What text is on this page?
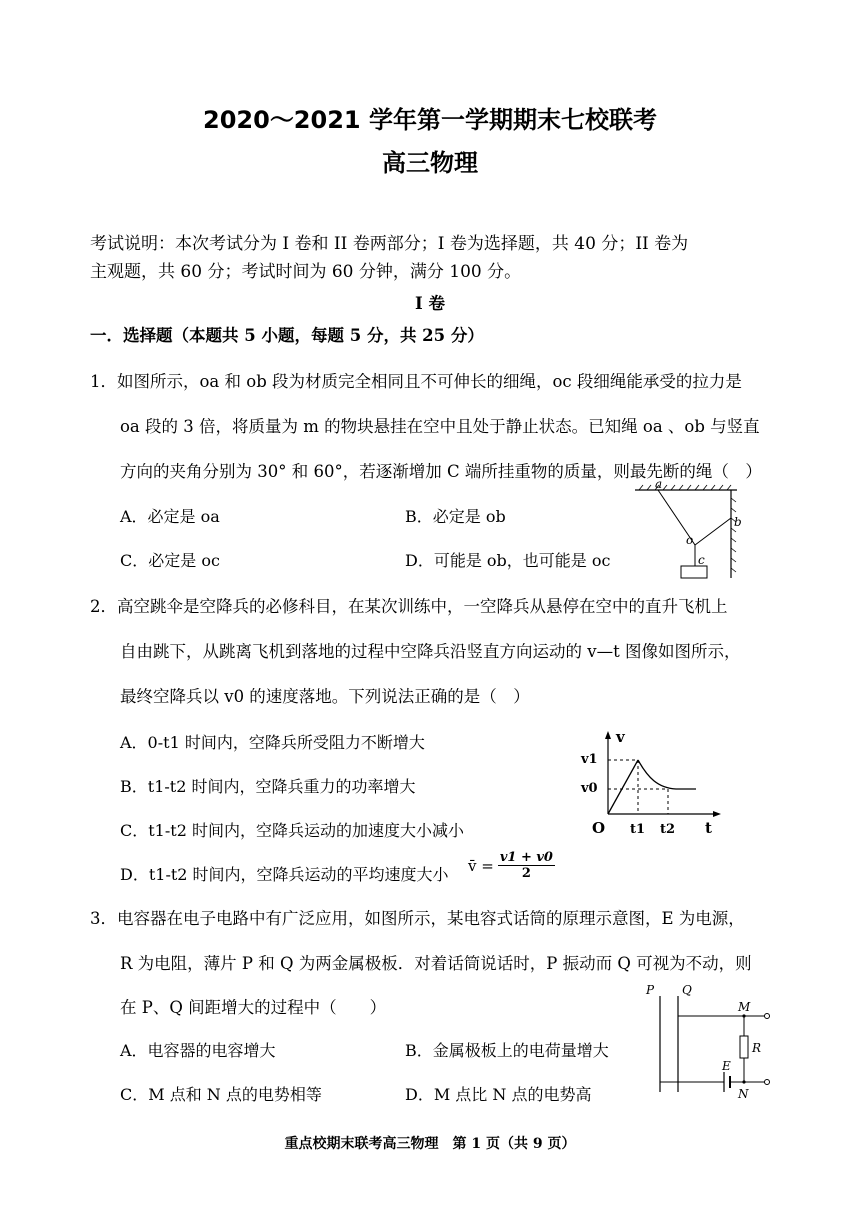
2020～2021 学年第一学期期末七校联考
高三物理
考试说明：本次考试分为 I 卷和 II 卷两部分；I 卷为选择题，共 40 分；II 卷为
主观题，共 60 分；考试时间为 60 分钟，满分 100 分。
I 卷
一．选择题（本题共 5 小题，每题 5 分，共 25 分）
1．如图所示，oa 和 ob 段为材质完全相同且不可伸长的细绳，oc 段细绳能承受的拉力是
oa 段的 3 倍，将质量为 m 的物块悬挂在空中且处于静止状态。已知绳 oa 、ob 与竖直
方向的夹角分别为 30° 和 60°，若逐渐增加 C 端所挂重物的质量，则最先断的绳（　）
A．必定是 oa	B．必定是 ob
C．必定是 oc	D．可能是 ob，也可能是 oc
a
b
o
c
2．高空跳伞是空降兵的必修科目，在某次训练中，一空降兵从悬停在空中的直升飞机上
自由跳下，从跳离飞机到落地的过程中空降兵沿竖直方向运动的 v—t 图像如图所示，
最终空降兵以 v0 的速度落地。下列说法正确的是（　）
A．0-t1 时间内，空降兵所受阻力不断增大
B．t1-t2 时间内，空降兵重力的功率增大
C．t1-t2 时间内，空降兵运动的加速度大小减小
D．t1-t2 时间内，空降兵运动的平均速度大小 v̄ = $\frac{v1 + v0}{2}$
v
v1
v0
O t1 t2 t
3．电容器在电子电路中有广泛应用，如图所示，某电容式话筒的原理示意图，E 为电源，
R 为电阻，薄片 P 和 Q 为两金属极板．对着话筒说话时，P 振动而 Q 可视为不动，则
在 P、Q 间距增大的过程中（　　）
A．电容器的电容增大	B．金属极板上的电荷量增大
C．M 点和 N 点的电势相等	D．M 点比 N 点的电势高
P Q
M
R
E
N
重点校期末联考高三物理　第 1 页（共 9 页）
